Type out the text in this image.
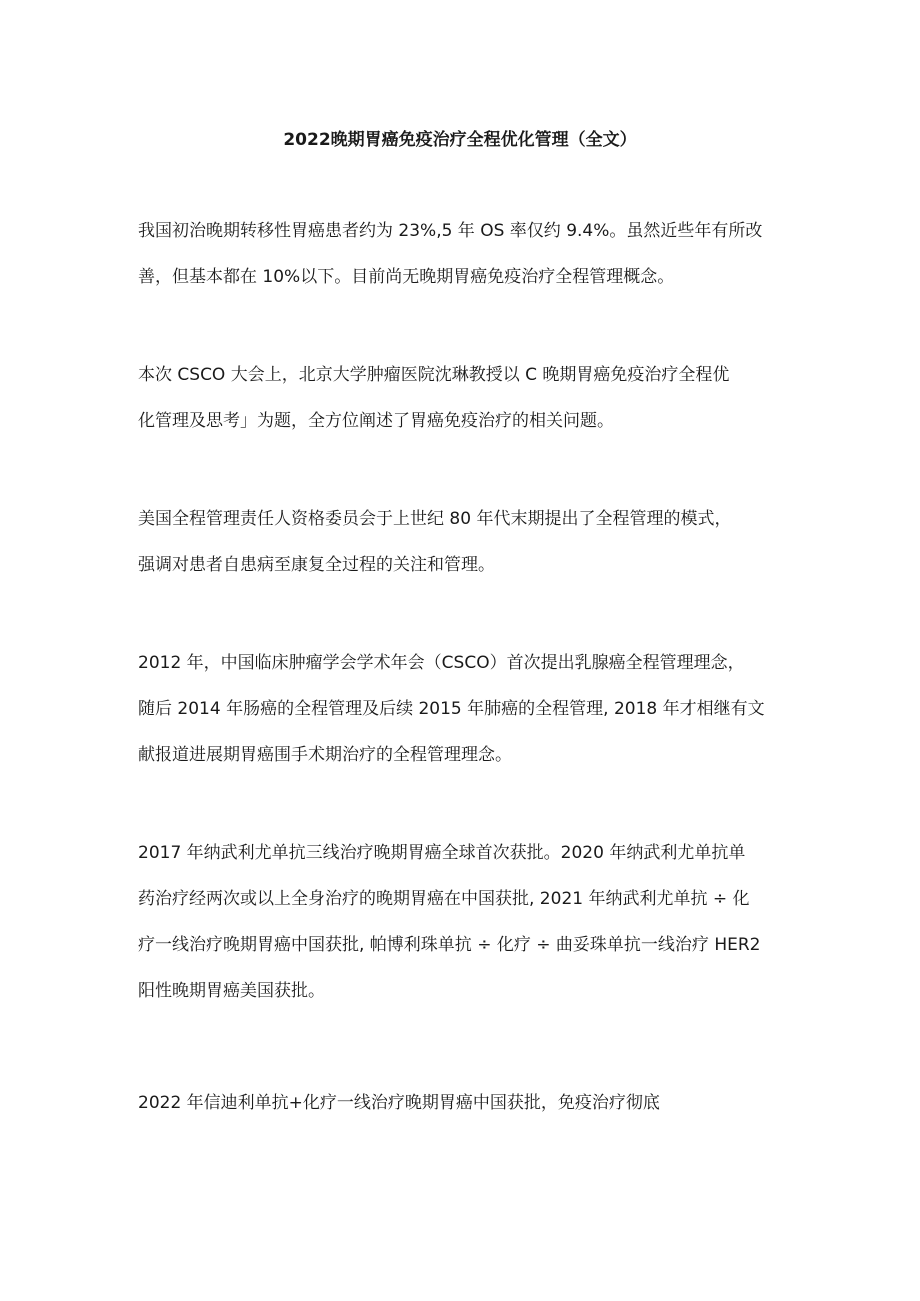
2022晚期胃癌免疫治疗全程优化管理（全文）

我国初治晚期转移性胃癌患者约为 23%,5 年 OS 率仅约 9.4%。虽然近些年有所改
善，但基本都在 10%以下。目前尚无晚期胃癌免疫治疗全程管理概念。

本次 CSCO 大会上，北京大学肿瘤医院沈琳教授以 C 晚期胃癌免疫治疗全程优
化管理及思考」为题，全方位阐述了胃癌免疫治疗的相关问题。

美国全程管理责任人资格委员会于上世纪 80 年代末期提出了全程管理的模式，
强调对患者自患病至康复全过程的关注和管理。

2012 年，中国临床肿瘤学会学术年会（CSCO）首次提出乳腺癌全程管理理念，
随后 2014 年肠癌的全程管理及后续 2015 年肺癌的全程管理, 2018 年才相继有文
献报道进展期胃癌围手术期治疗的全程管理理念。

2017 年纳武利尤单抗三线治疗晚期胃癌全球首次获批。2020 年纳武利尤单抗单
药治疗经两次或以上全身治疗的晚期胃癌在中国获批, 2021 年纳武利尤单抗 ÷ 化
疗一线治疗晚期胃癌中国获批, 帕博利珠单抗 ÷ 化疗 ÷ 曲妥珠单抗一线治疗 HER2
阳性晚期胃癌美国获批。

2022 年信迪利单抗+化疗一线治疗晚期胃癌中国获批，免疫治疗彻底
